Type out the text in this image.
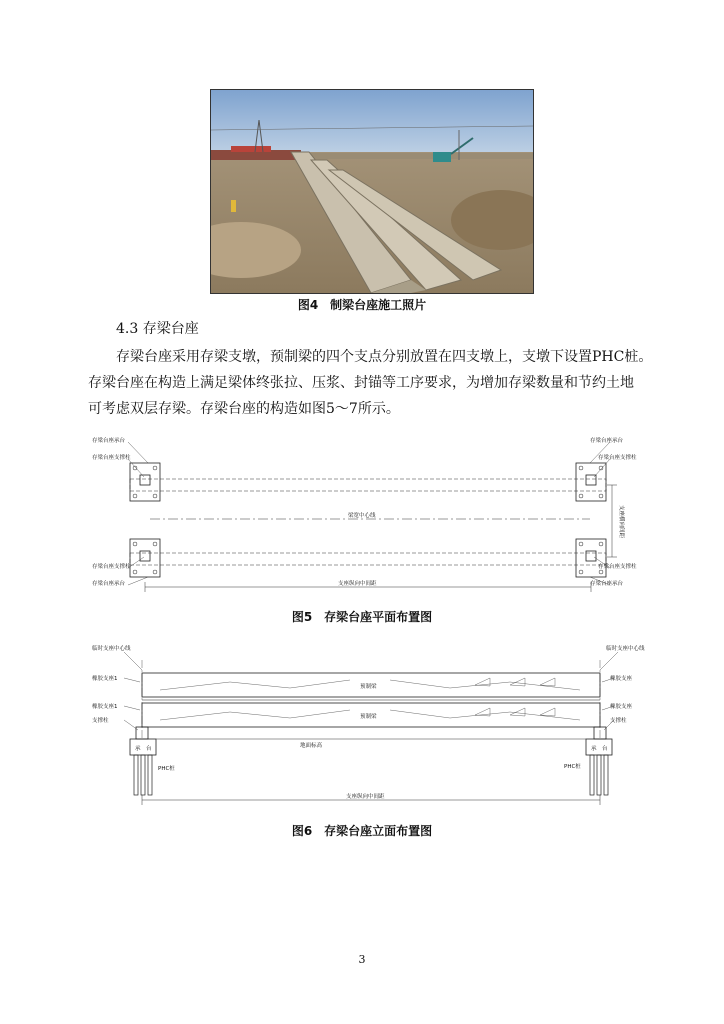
图4　制梁台座施工照片
4.3 存梁台座
存梁台座采用存梁支墩，预制梁的四个支点分别放置在四支墩上，支墩下设置PHC桩。
存梁台座在构造上满足梁体终张拉、压浆、封锚等工序要求，为增加存梁数量和节约土地
可考虑双层存梁。存梁台座的构造如图5～7所示。
存梁台座承台
存梁台座支撑柱
存梁台座承台
存梁台座支撑柱
存梁台座支撑柱
存梁台座承台
存梁台座支撑柱
存梁台座承台
梁宽中心线	支座横向间距
支座纵向中间距
图5　存梁台座平面布置图
临时支座中心线	临时支座中心线
橡胶支座1
橡胶支座1
支撑柱
橡胶支座
橡胶支座
支撑柱
预制梁
预制梁
地面标高
承　台	承　台
PHC桩	PHC桩
支座纵向中间距
图6　存梁台座立面布置图
3
